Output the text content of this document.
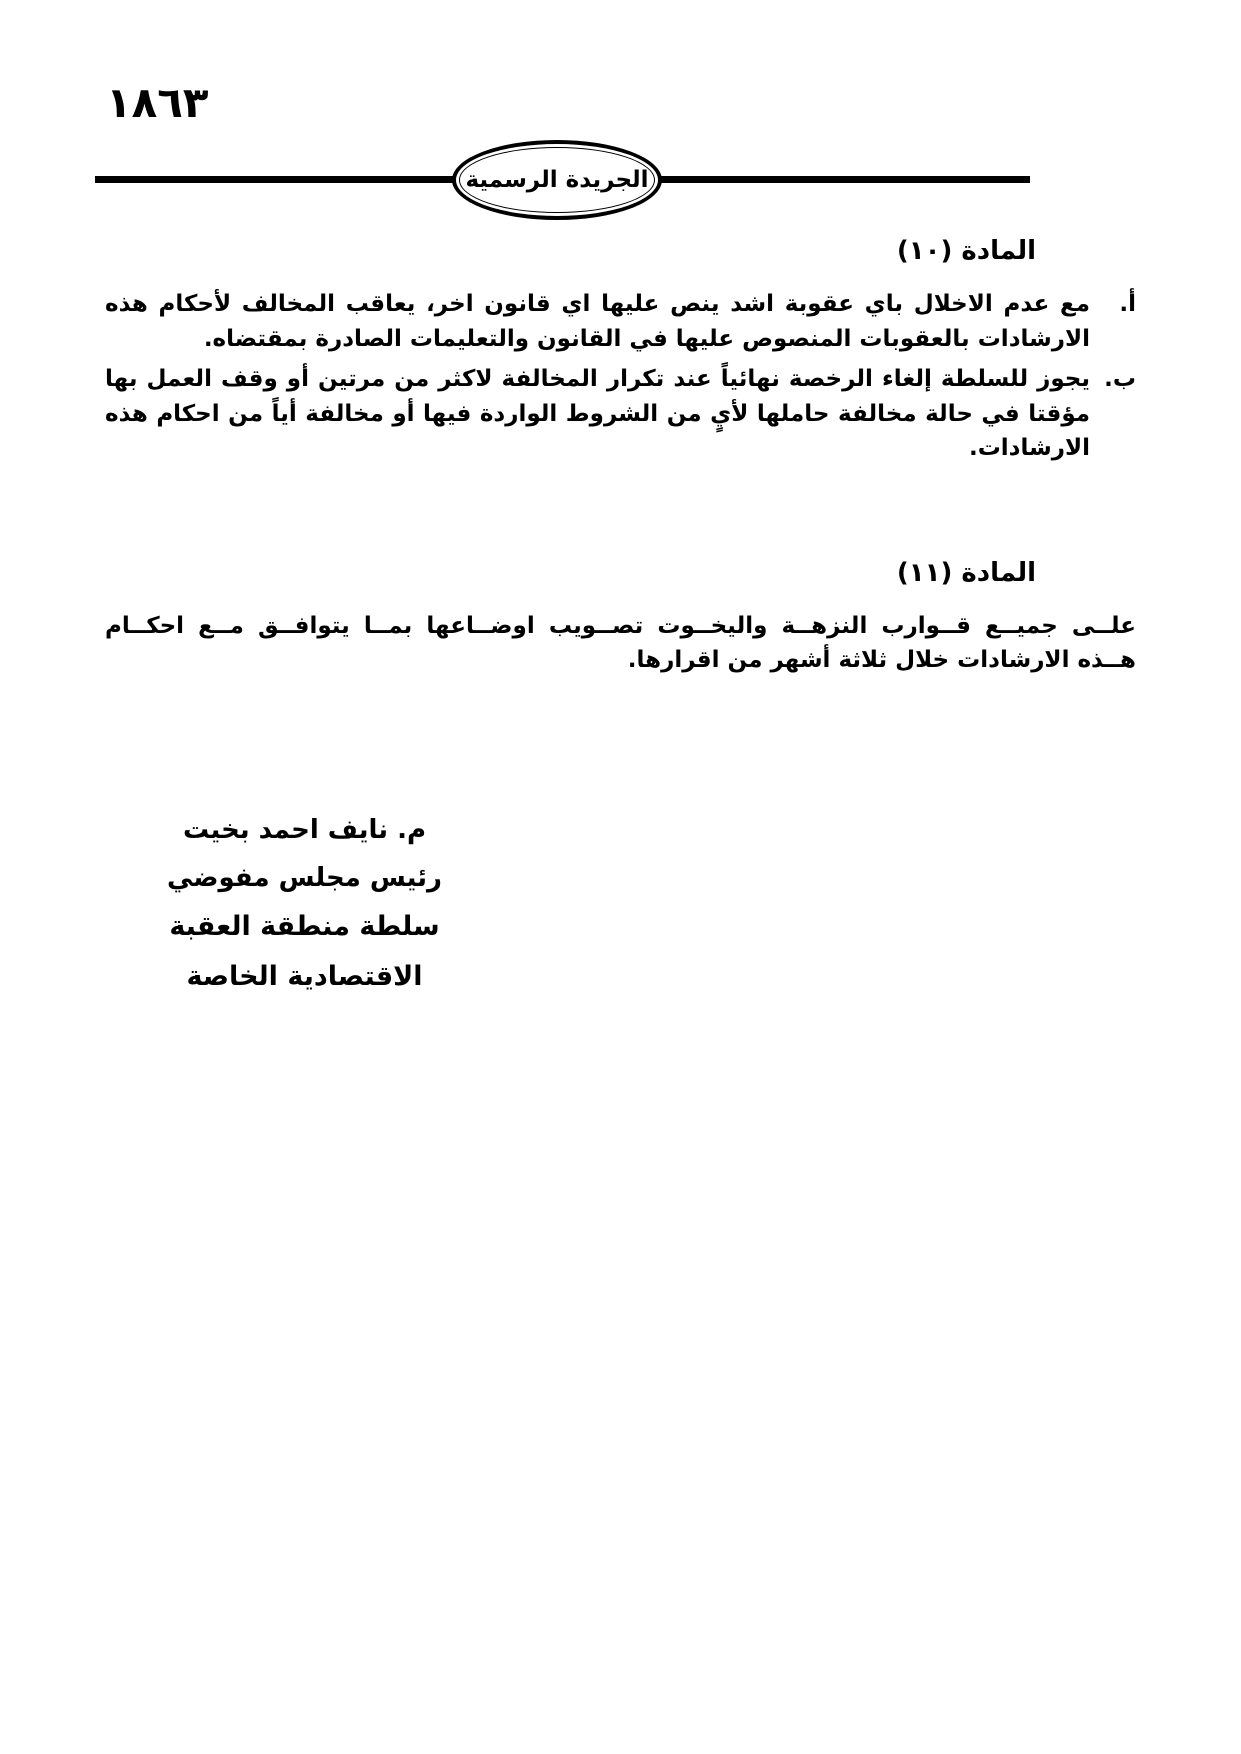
١٨٦٣
الجريدة الرسمية
المادة (١٠)
أ.

مع عدم الاخلال باي عقوبة اشد ينص عليها اي قانون اخر، يعاقب المخالف لأحكام هذه الارشادات بالعقوبات المنصوص عليها في القانون والتعليمات الصادرة بمقتضاه.

ب.

يجوز للسلطة إلغاء الرخصة نهائياً عند تكرار المخالفة لاكثر من مرتين أو وقف العمل بها مؤقتا في حالة مخالفة حاملها لأيٍ من الشروط الواردة فيها أو مخالفة أياً من احكام هذه الارشادات.

المادة (١١)

علــى جميــع قــوارب النزهــة واليخــوت تصــويب اوضــاعها بمــا يتوافــق مــع احكــام هــذه الارشادات خلال ثلاثة أشهر من اقرارها.

م. نايف احمد بخيت
رئيس مجلس مفوضي
سلطة منطقة العقبة الاقتصادية الخاصة
